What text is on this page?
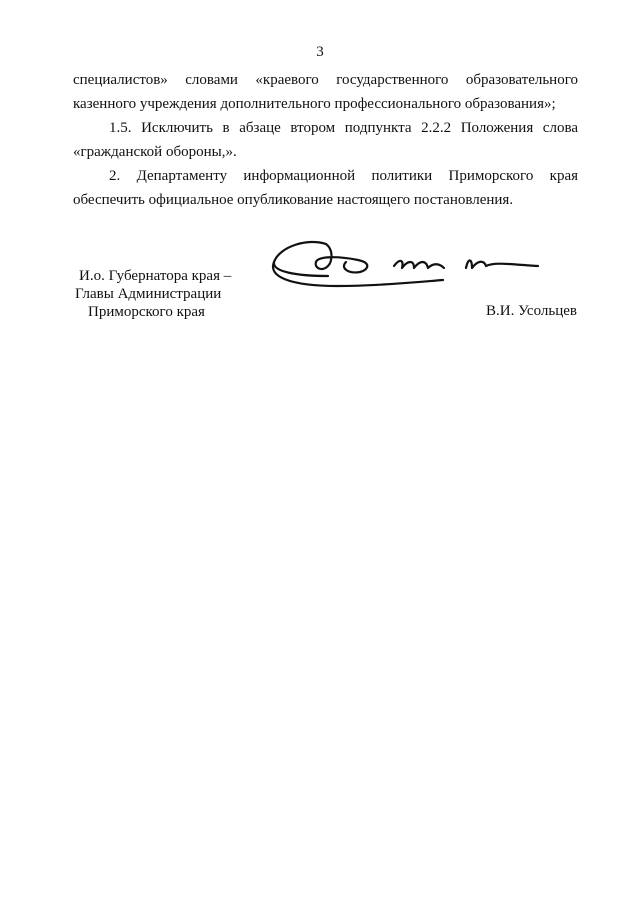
3

специалистов» словами «краевого государственного образовательного
казенного учреждения дополнительного профессионального образования»;

1.5. Исключить в абзаце втором подпункта 2.2.2 Положения слова
«гражданской обороны,».

2. Департаменту информационной политики Приморского края
обеспечить официальное опубликование настоящего постановления.

И.о. Губернатора края –
Главы Администрации
Приморского края	В.И. Усольцев
